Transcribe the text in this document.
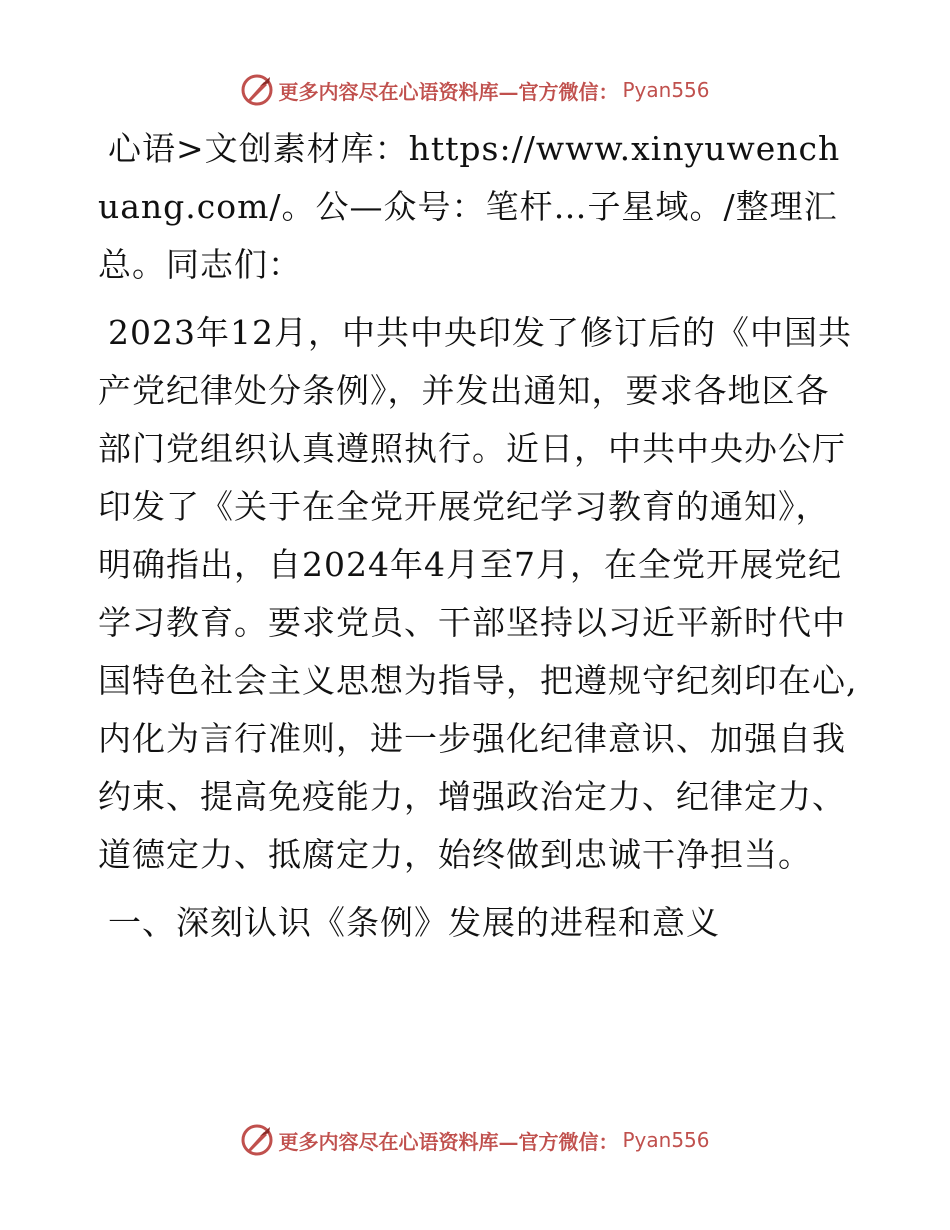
更多内容尽在心语资料库—官方微信： Pyan556

心语>文创素材库：https://www.xinyuwenchuang.com/。公—众号：笔杆…子星域。/整理汇总。同志们：

2023年12月，中共中央印发了修订后的《中国共产党纪律处分条例》，并发出通知，要求各地区各部门党组织认真遵照执行。近日，中共中央办公厅印发了《关于在全党开展党纪学习教育的通知》，明确指出，自2024年4月至7月，在全党开展党纪学习教育。要求党员、干部坚持以习近平新时代中国特色社会主义思想为指导，把遵规守纪刻印在心,内化为言行准则，进一步强化纪律意识、加强自我约束、提高免疫能力，增强政治定力、纪律定力、道德定力、抵腐定力，始终做到忠诚干净担当。

一、深刻认识《条例》发展的进程和意义

更多内容尽在心语资料库—官方微信： Pyan556
